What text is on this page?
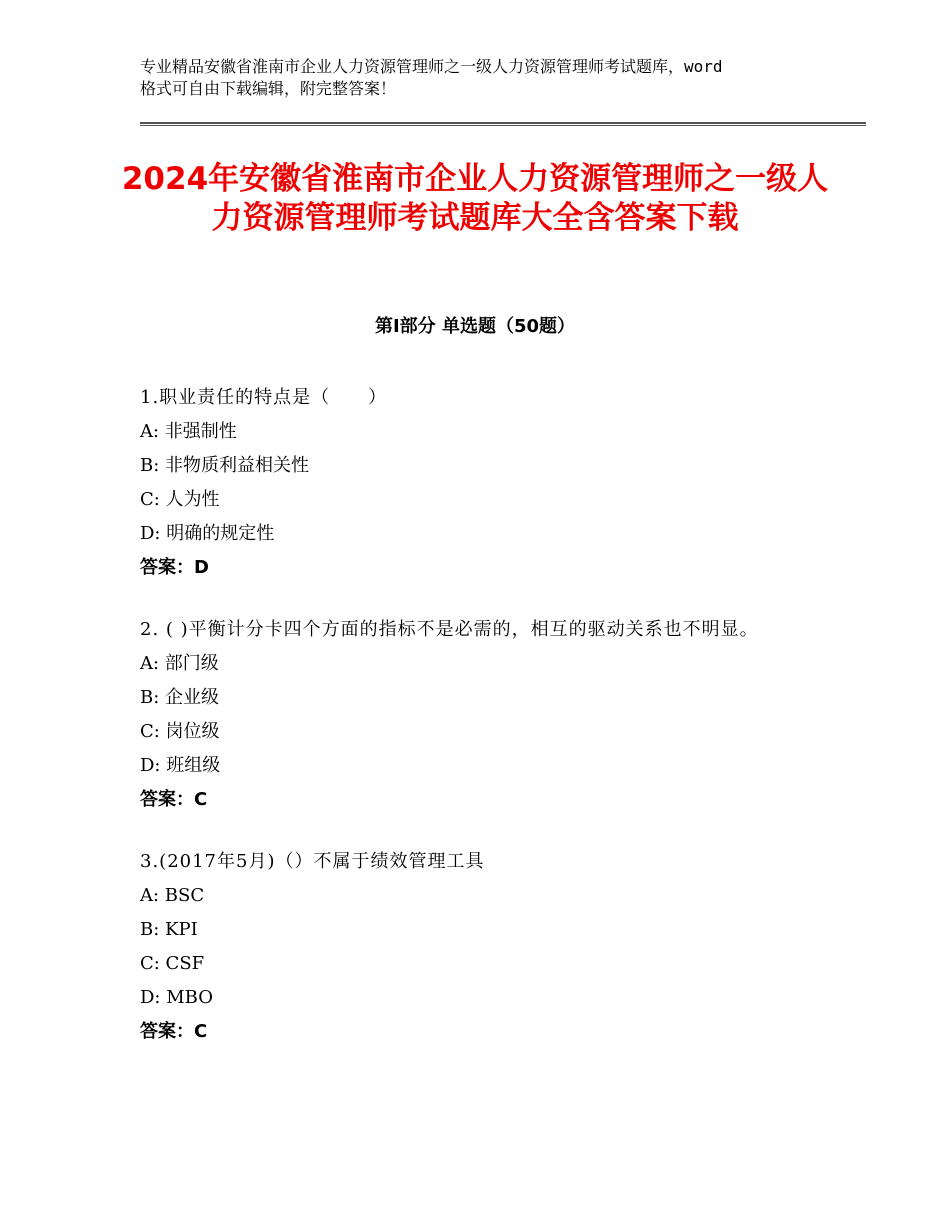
专业精品安徽省淮南市企业人力资源管理师之一级人力资源管理师考试题库，word
格式可自由下载编辑，附完整答案！
2024年安徽省淮南市企业人力资源管理师之一级人力资源管理师考试题库大全含答案下载
第Ⅰ部分 单选题（50题）
1.职业责任的特点是（　　）
A: 非强制性
B: 非物质利益相关性
C: 人为性
D: 明确的规定性
答案：D
2. ( )平衡计分卡四个方面的指标不是必需的，相互的驱动关系也不明显。
A: 部门级
B: 企业级
C: 岗位级
D: 班组级
答案：C
3.(2017年5月)（）不属于绩效管理工具
A: BSC
B: KPI
C: CSF
D: MBO
答案：C
